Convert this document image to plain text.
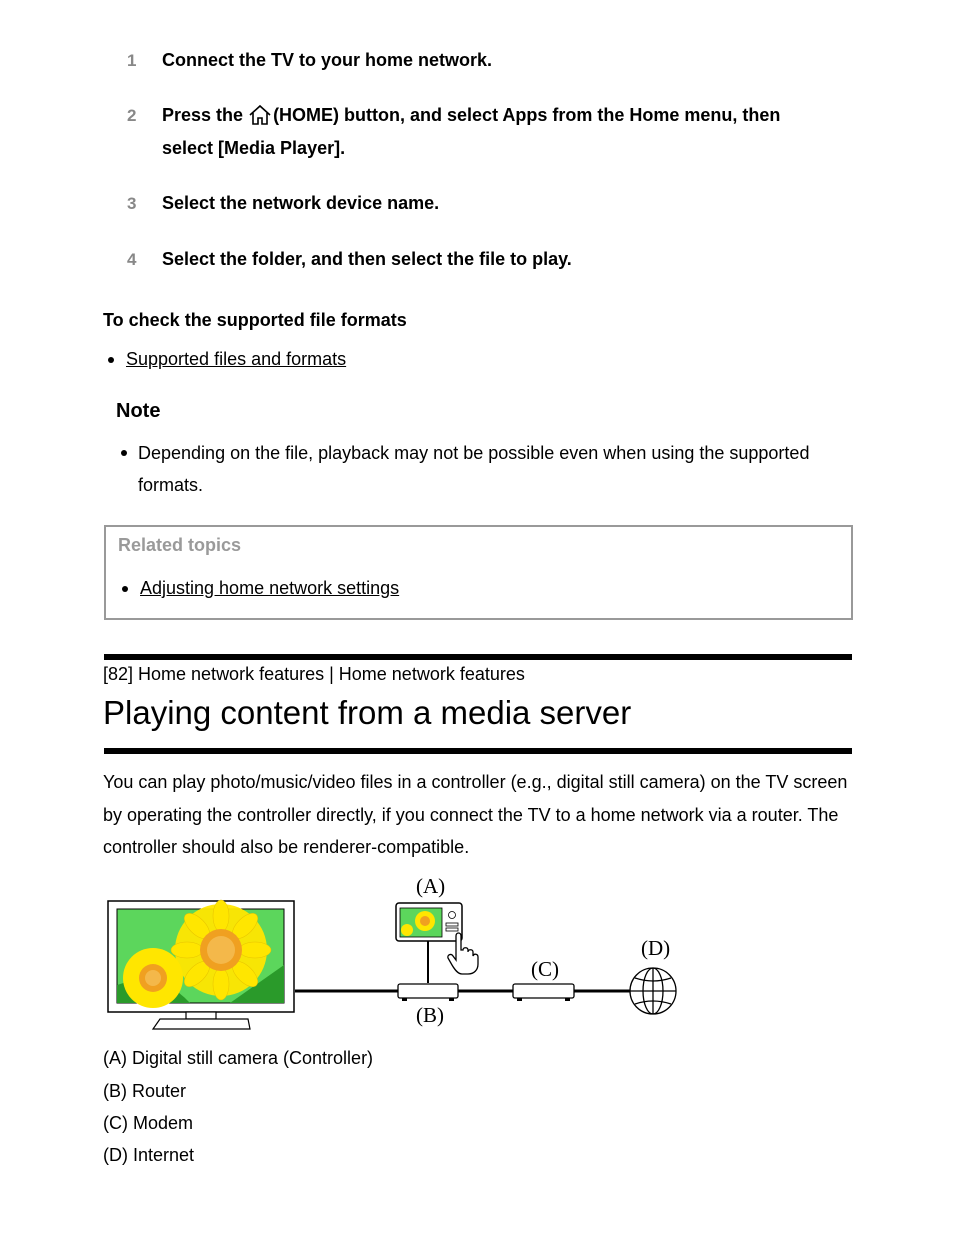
1 Connect the TV to your home network.
2 Press the (HOME) button, and select Apps from the Home menu, then select [Media Player].
3 Select the network device name.
4 Select the folder, and then select the file to play.
To check the supported file formats
Supported files and formats
Note
Depending on the file, playback may not be possible even when using the supported formats.
Related topics
Adjusting home network settings
[82] Home network features | Home network features
Playing content from a media server
You can play photo/music/video files in a controller (e.g., digital still camera) on the TV screen by operating the controller directly, if you connect the TV to a home network via a router. The controller should also be renderer-compatible.
(A)
(B)
(C)
(D)
(A) Digital still camera (Controller)
(B) Router
(C) Modem
(D) Internet
